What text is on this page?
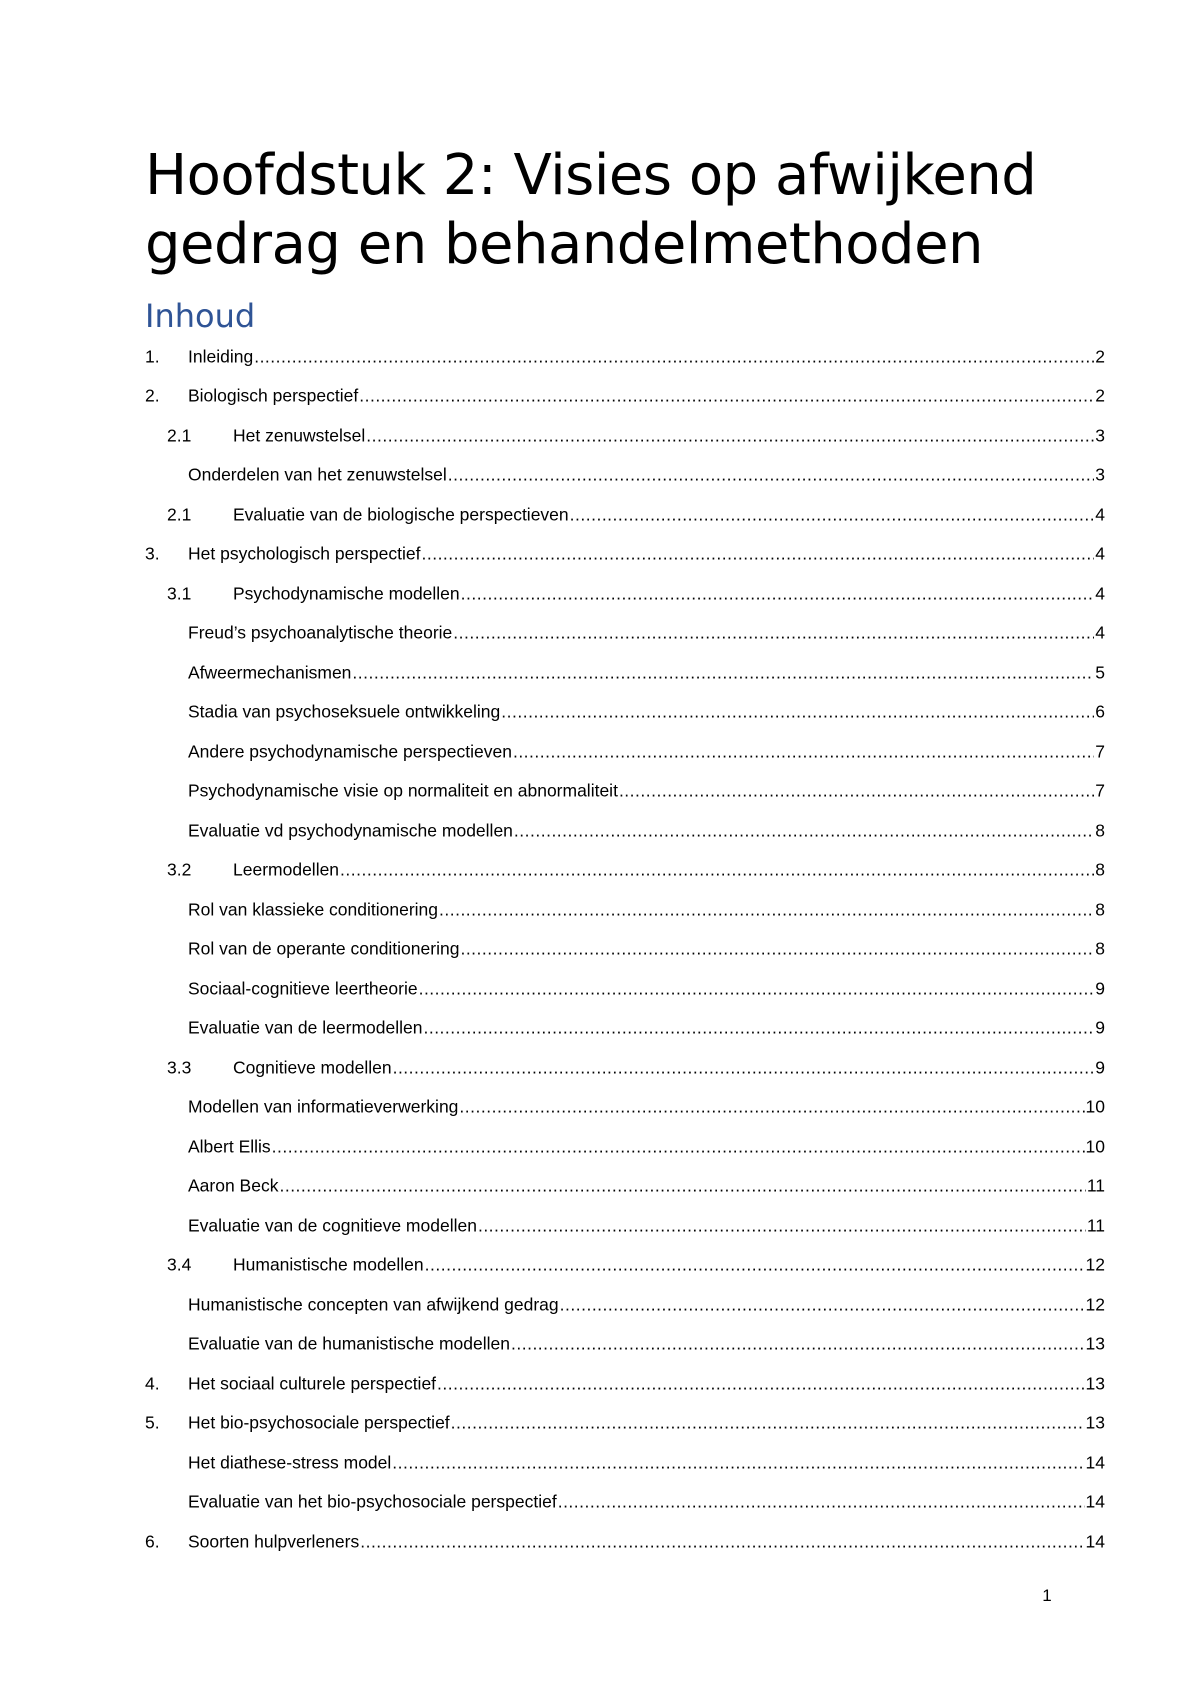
Hoofdstuk 2: Visies op afwijkend gedrag en behandelmethoden
Inhoud
1. Inleiding .....	2
2. Biologisch perspectief .....	2
2.1 Het zenuwstelsel .....	3
Onderdelen van het zenuwstelsel .....	3
2.1 Evaluatie van de biologische perspectieven .....	4
3. Het psychologisch perspectief .....	4
3.1 Psychodynamische modellen .....	4
Freud’s psychoanalytische theorie .....	4
Afweermechanismen .....	5
Stadia van psychoseksuele ontwikkeling .....	6
Andere psychodynamische perspectieven .....	7
Psychodynamische visie op normaliteit en abnormaliteit .....	7
Evaluatie vd psychodynamische modellen .....	8
3.2 Leermodellen .....	8
Rol van klassieke conditionering .....	8
Rol van de operante conditionering .....	8
Sociaal-cognitieve leertheorie .....	9
Evaluatie van de leermodellen .....	9
3.3 Cognitieve modellen .....	9
Modellen van informatieverwerking .....	10
Albert Ellis .....	10
Aaron Beck .....	11
Evaluatie van de cognitieve modellen .....	11
3.4 Humanistische modellen .....	12
Humanistische concepten van afwijkend gedrag .....	12
Evaluatie van de humanistische modellen .....	13
4. Het sociaal culturele perspectief .....	13
5. Het bio-psychosociale perspectief .....	13
Het diathese-stress model .....	14
Evaluatie van het bio-psychosociale perspectief .....	14
6. Soorten hulpverleners .....	14
1
